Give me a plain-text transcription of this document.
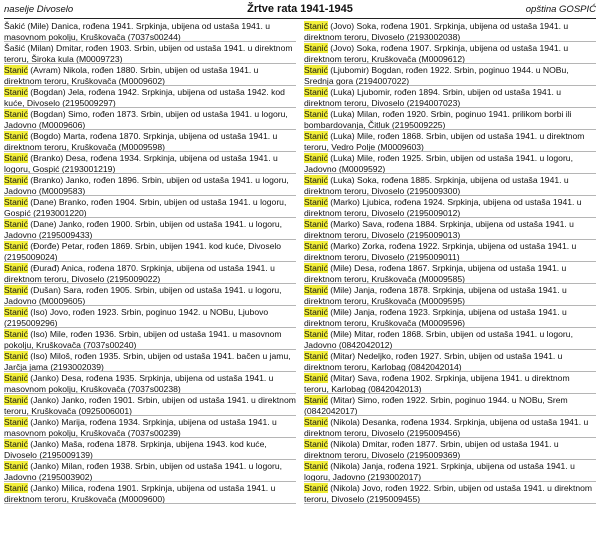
naselje Divoselo	Žrtve rata 1941-1945	opština GOSPIĆ
Šakić (Mile) Danica, rođena 1941. Srpkinja, ubijena od ustaša 1941. u masovnom pokolju, Kruškovača (7037s00244)
Šašić (Milan) Dmitar, rođen 1903. Srbin, ubijen od ustaša 1941. u direktnom teroru, Široka kula (M0009723)
Stanić (Avram) Nikola, rođen 1880. Srbin, ubijen od ustaša 1941. u direktnom teroru, Kruškovača (M0009602)
Stanić (Bogdan) Jela, rođena 1942. Srpkinja, ubijena od ustaša 1942. kod kuće, Divoselo (2195009297)
Stanić (Bogdan) Simo, rođen 1873. Srbin, ubijen od ustaša 1941. u logoru, Jadovno (M0009606)
Stanić (Bogdo) Marta, rođena 1870. Srpkinja, ubijena od ustaša 1941. u direktnom teroru, Kruškovača (M0009598)
Stanić (Branko) Desa, rođena 1934. Srpkinja, ubijena od ustaša 1941. u logoru, Gospić (2193001219)
Stanić (Branko) Janko, rođen 1896. Srbin, ubijen od ustaša 1941. u logoru, Jadovno (M0009583)
Stanić (Dane) Branko, rođen 1904. Srbin, ubijen od ustaša 1941. u logoru, Gospić (2193001220)
Stanić (Dane) Janko, rođen 1900. Srbin, ubijen od ustaša 1941. u logoru, Jadovno (2195009433)
Stanić (Đorđe) Petar, rođen 1869. Srbin, ubijen 1941. kod kuće, Divoselo (2195009024)
Stanić (Đurađ) Anica, rođena 1870. Srpkinja, ubijena od ustaša 1941. u direktnom teroru, Divoselo (2195009022)
Stanić (Dušan) Sara, rođen 1905. Srbin, ubijen od ustaša 1941. u logoru, Jadovno (M0009605)
Stanić (Iso) Jovo, rođen 1923. Srbin, poginuo 1942. u NOBu, Ljubovo (2195009296)
Stanić (Iso) Mile, rođen 1936. Srbin, ubijen od ustaša 1941. u masovnom pokolju, Kruškovača (7037s00240)
Stanić (Iso) Miloš, rođen 1935. Srbin, ubijen od ustaša 1941. bačen u jamu, Jarčja jama (2193002039)
Stanić (Janko) Desa, rođena 1935. Srpkinja, ubijena od ustaša 1941. u masovnom pokolju, Kruškovača (7037s00238)
Stanić (Janko) Janko, rođen 1901. Srbin, ubijen od ustaša 1941. u direktnom teroru, Kruškovača (0925006001)
Stanić (Janko) Marija, rođena 1934. Srpkinja, ubijena od ustaša 1941. u masovnom pokolju, Kruškovača (7037s00239)
Stanić (Janko) Maša, rođena 1878. Srpkinja, ubijena 1943. kod kuće, Divoselo (2195009139)
Stanić (Janko) Milan, rođen 1938. Srbin, ubijen od ustaša 1941. u logoru, Jadovno (2195003902)
Stanić (Janko) Milica, rođena 1901. Srpkinja, ubijena od ustaša 1941. u direktnom teroru, Kruškovača (M0009600)
Stanić (Jovo) Soka, rođena 1901. Srpkinja, ubijena od ustaša 1941. u direktnom teroru, Divoselo (2193002038)
Stanić (Jovo) Soka, rođena 1907. Srpkinja, ubijena od ustaša 1941. u direktnom teroru, Kruškovača (M0009612)
Stanić (Ljubomir) Bogdan, rođen 1922. Srbin, poginuo 1944. u NOBu, Srednja gora (2194007022)
Stanić (Luka) Ljubomir, rođen 1894. Srbin, ubijen od ustaša 1941. u direktnom teroru, Divoselo (2194007023)
Stanić (Luka) Milan, rođen 1920. Srbin, poginuo 1941. prilikom borbi ili bombardovanja, Čitluk (2195009225)
Stanić (Luka) Mile, rođen 1868. Srbin, ubijen od ustaša 1941. u direktnom teroru, Vedro Polje (M0009603)
Stanić (Luka) Mile, rođen 1925. Srbin, ubijen od ustaša 1941. u logoru, Jadovno (M0009592)
Stanić (Luka) Soka, rođena 1885. Srpkinja, ubijena od ustaša 1941. u direktnom teroru, Divoselo (2195009300)
Stanić (Marko) Ljubica, rođena 1924. Srpkinja, ubijena od ustaša 1941. u direktnom teroru, Divoselo (2195009012)
Stanić (Marko) Sava, rođena 1884. Srpkinja, ubijena od ustaša 1941. u direktnom teroru, Divoselo (2195009013)
Stanić (Marko) Zorka, rođena 1922. Srpkinja, ubijena od ustaša 1941. u direktnom teroru, Divoselo (2195009011)
Stanić (Mile) Desa, rođena 1867. Srpkinja, ubijena od ustaša 1941. u direktnom teroru, Kruškovača (M0009585)
Stanić (Mile) Janja, rođena 1878. Srpkinja, ubijena od ustaša 1941. u direktnom teroru, Kruškovača (M0009595)
Stanić (Mile) Janja, rođena 1923. Srpkinja, ubijena od ustaša 1941. u direktnom teroru, Kruškovača (M0009596)
Stanić (Mile) Mitar, rođen 1868. Srbin, ubijen od ustaša 1941. u logoru, Jadovno (0842042012)
Stanić (Mitar) Nedeljko, rođen 1927. Srbin, ubijen od ustaša 1941. u direktnom teroru, Karlobag (0842042014)
Stanić (Mitar) Sava, rođena 1902. Srpkinja, ubijena 1941. u direktnom teroru, Karlobag (0842042013)
Stanić (Mitar) Simo, rođen 1922. Srbin, poginuo 1944. u NOBu, Srem (0842042017)
Stanić (Nikola) Desanka, rođena 1934. Srpkinja, ubijena od ustaša 1941. u direktnom teroru, Divoselo (2195009456)
Stanić (Nikola) Dmitar, rođen 1877. Srbin, ubijen od ustaša 1941. u direktnom teroru, Divoselo (2195009369)
Stanić (Nikola) Janja, rođena 1921. Srpkinja, ubijena od ustaša 1941. u logoru, Jadovno (2193002017)
Stanić (Nikola) Jovo, rođen 1922. Srbin, ubijen od ustaša 1941. u direktnom teroru, Divoselo (2195009455)
